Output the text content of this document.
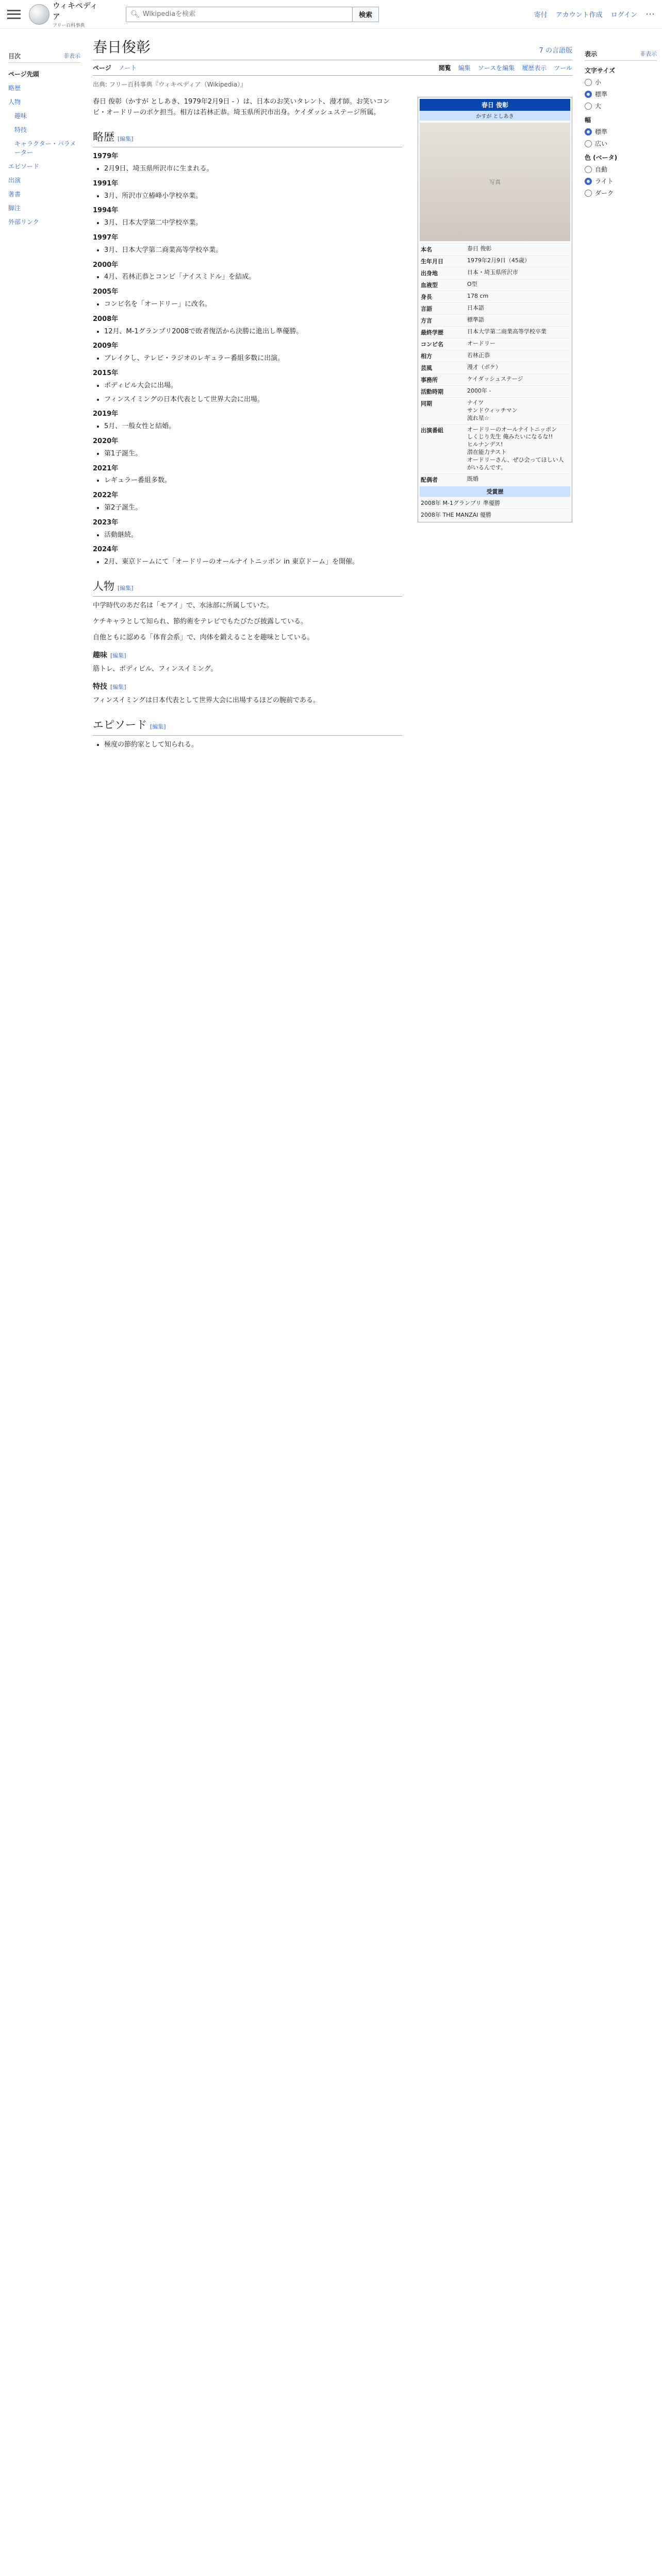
ウィキペディア
フリー百科事典
🔍︎
Wikipediaを検索	検索	寄付 アカウント作成 ログイン ⋯
目次	非表示
ページ先頭
略歴
人物
趣味
特技
キャラクター・パラメーター
エピソード
出演
著書
脚注
外部リンク
表示	非表示
文字サイズ
小
標準
大
幅
標準
広い
色 (ベータ)
自動
ライト
ダーク
春日俊彰	7 の言語版
ページ ノート	閲覧 編集 ソースを編集 履歴表示 ツール
出典: フリー百科事典『ウィキペディア（Wikipedia）』
春日 俊彰
かすが としあき
写真
本名	春日 俊彰
生年月日	1979年2月9日（45歳）
出身地	日本・埼玉県所沢市
血液型	O型
身長	178 cm
言語	日本語
方言	標準語
最終学歴	日本大学第二商業高等学校卒業
コンビ名	オードリー
相方	若林正恭
芸風	漫才（ボケ）
事務所	ケイダッシュステージ
活動時期	2000年 -
同期	ナイツ
サンドウィッチマン
流れ星☆
出演番組	オードリーのオールナイトニッポン
しくじり先生 俺みたいになるな!!
ヒルナンデス!
潜在能力テスト
オードリーさん、ぜひ会ってほしい人がいるんです。
配偶者	既婚
受賞歴
2008年 M-1グランプリ 準優勝
2008年 THE MANZAI 優勝

春日 俊彰（かすが としあき、1979年2月9日 - ）は、日本のお笑いタレント、漫才師。お笑いコンビ・オードリーのボケ担当。相方は若林正恭。埼玉県所沢市出身。ケイダッシュステージ所属。

略歴 [編集]
1979年
• 2月9日、埼玉県所沢市に生まれる。
1991年
• 3月、所沢市立椿峰小学校卒業。
1994年
• 3月、日本大学第二中学校卒業。
1997年
• 3月、日本大学第二商業高等学校卒業。
2000年
• 4月、若林正恭とコンビ「ナイスミドル」を結成。
2005年
• コンビ名を「オードリー」に改名。
2008年
• 12月、M-1グランプリ2008で敗者復活から決勝に進出し準優勝。
2009年
• ブレイクし、テレビ・ラジオのレギュラー番組多数に出演。
2015年
• ボディビル大会に出場。
• フィンスイミングの日本代表として世界大会に出場。
2019年
• 5月、一般女性と結婚。
2020年
• 第1子誕生。
2021年
• レギュラー番組多数。
2022年
• 第2子誕生。
2023年
• 活動継続。
2024年
• 2月、東京ドームにて「オードリーのオールナイトニッポン in 東京ドーム」を開催。
人物 [編集]

中学時代のあだ名は「モアイ」で、水泳部に所属していた。

ケチキャラとして知られ、節約術をテレビでもたびたび披露している。

自他ともに認める「体育会系」で、肉体を鍛えることを趣味としている。

趣味 [編集]

筋トレ、ボディビル、フィンスイミング。

特技 [編集]

フィンスイミングは日本代表として世界大会に出場するほどの腕前である。

エピソード [編集]
• 極度の節約家として知られる。
